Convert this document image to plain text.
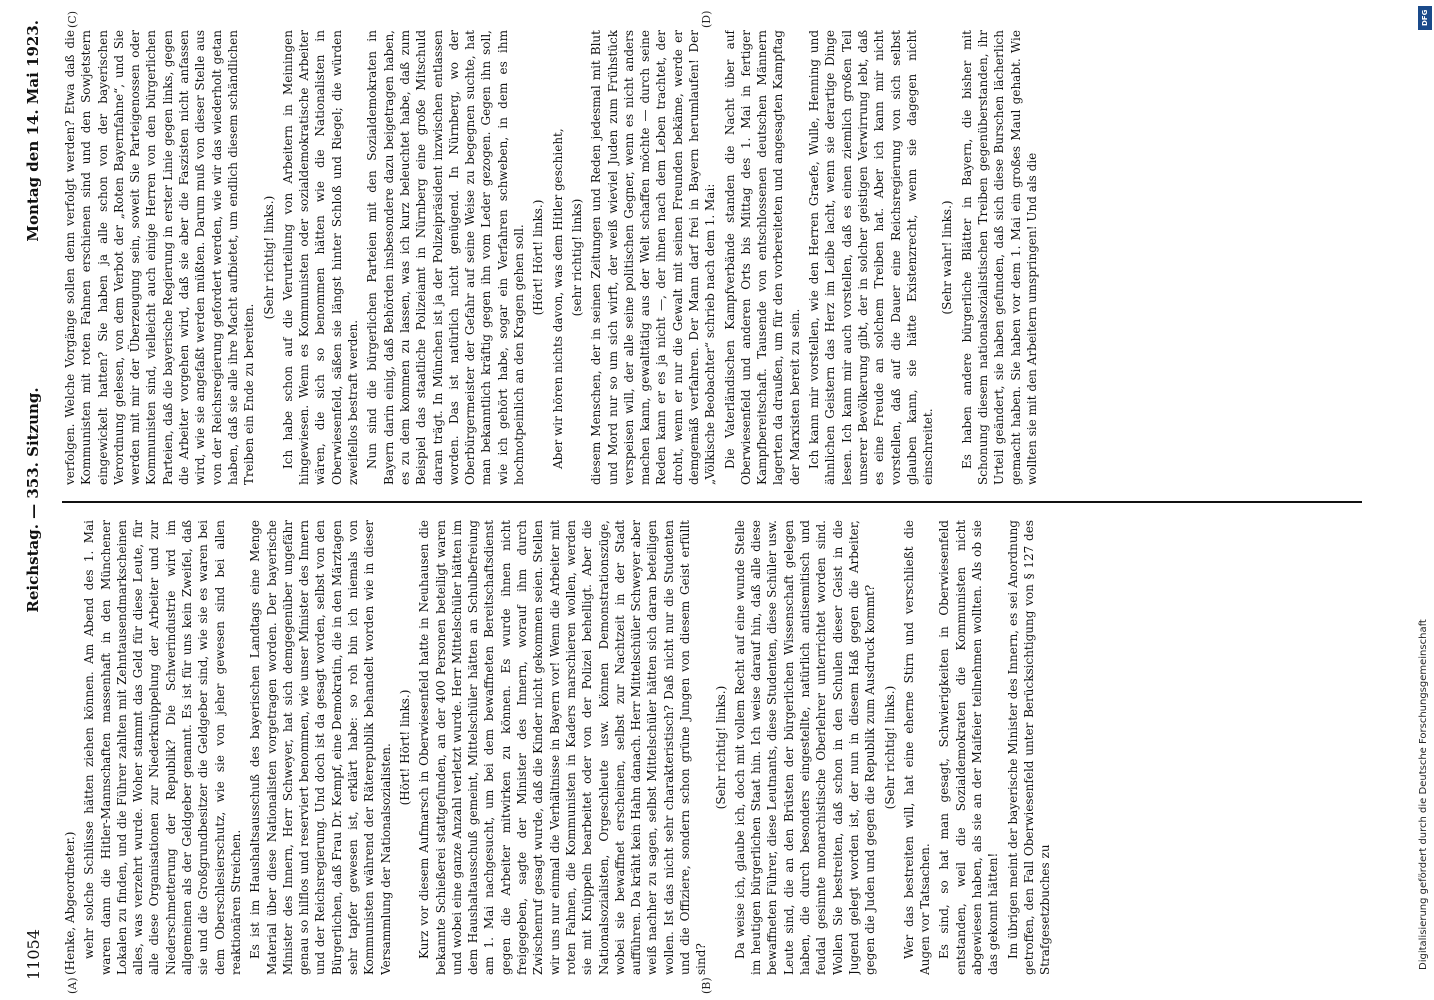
11054
Reichstag. — 353. Sitzung.
Montag den 14. Mai 1923.
(A)	(B)
(C)	(D)

(Henke, Abgeordneter.) wehr solche Schlüsse hätten ziehen können. Am Abend des 1. Mai waren dann die Hitler-Mannschaften massenhaft in den Münchener Lokalen zu finden, und die Führer zahlten mit Zehntausendmarkscheinen alles, was verzehrt wurde. Woher stammt das Geld für diese Leute, für alle diese Organisationen zur Niederknüppelung der Arbeiter und zur Niederschmetterung der Republik? Die Schwerindustrie wird im allgemeinen als der Geldgeber genannt. Es ist für uns kein Zweifel, daß sie und die Großgrundbesitzer die Geldgeber sind, wie sie es waren bei dem Oberschlesierschutz, wie sie von jeher gewesen sind bei allen reaktionären Streichen. Es ist im Haushaltsausschuß des bayerischen Landtags eine Menge Material über diese Nationalisten vorgetragen worden. Der bayerische Minister des Innern, Herr Schweyer, hat sich demgegenüber ungefähr genau so hilflos und reserviert benommen, wie unser Minister des Innern und der Reichsregierung. Und doch ist da gesagt worden, selbst von den Bürgerlichen, daß Frau Dr. Kempf, eine Demokratin, die in den Märztagen sehr tapfer gewesen ist, erklärt habe: so roh bin ich niemals von Kommunisten während der Räterepublik behandelt worden wie in dieser Versammlung der Nationalsozialisten. (Hört! Hört! links.) Kurz vor diesem Aufmarsch in Oberwiesenfeld hatte in Neuhausen die bekannte Schießerei stattgefunden, an der 400 Personen beteiligt waren und wobei eine ganze Anzahl verletzt wurde. Herr Mittelschüler hätten im dem Haushaltausschuß gemeint, Mittelschüler hätten an Schulbefreiung am 1. Mai nachgesucht, um bei dem bewaffneten Bereitschaftsdienst gegen die Arbeiter mitwirken zu können. Es wurde ihnen nicht freigegeben, sagte der Minister des Innern, worauf ihm durch Zwischenruf gesagt wurde, daß die Kinder nicht gekommen seien. Stellen wir uns nur einmal die Verhältnisse in Bayern vor! Wenn die Arbeiter mit roten Fahnen, die Kommunisten in Kaders marschieren wollen, werden sie mit Knüppeln bearbeitet oder von der Polizei behelligt. Aber die Nationalsozialisten, Orgeschleute usw. können Demonstrationszüge, wobei sie bewaffnet erscheinen, selbst zur Nachtzeit in der Stadt aufführen. Da kräht kein Hahn danach. Herr Mittelschüler Schweyer aber weiß nachher zu sagen, selbst Mittelschüler hätten sich daran beteiligen wollen. Ist das nicht sehr charakteristisch? Daß nicht nur die Studenten und die Offiziere, sondern schon grüne Jungen von diesem Geist erfüllt sind?

(Sehr richtig! links.) Da weise ich, glaube ich, doch mit vollem Recht auf eine wunde Stelle im heutigen bürgerlichen Staat hin. Ich weise darauf hin, daß alle diese bewaffneten Führer, diese Leutnants, diese Studenten, diese Schüler usw. Leute sind, die an den Brüsten der bürgerlichen Wissenschaft gelegen haben, die durch besonders eingestellte, natürlich antisemitisch und feudal gesinnte monarchistische Oberlehrer unterrichtet worden sind. Wollen Sie bestreiten, daß schon in den Schulen dieser Geist in die Jugend gelegt worden ist, der nun in diesem Haß gegen die Arbeiter, gegen die Juden und gegen die Republik zum Ausdruck kommt? (Sehr richtig! links.) Wer das bestreiten will, hat eine eherne Stirn und verschließt die Augen vor Tatsachen. Es sind, so hat man gesagt, Schwierigkeiten in Oberwiesenfeld entstanden, weil die Sozialdemokraten die Kommunisten nicht abgewiesen haben, als sie an der Maifeier teilnehmen wollten. Als ob sie das gekonnt hätten! Im übrigen meint der bayerische Minister des Innern, es sei Anordnung getroffen, den Fall Oberwiesenfeld unter Berücksichtigung von § 127 des Strafgesetzbuches zu

verfolgen. Welche Vorgänge sollen denn verfolgt werden? Etwa daß die Kommunisten mit roten Fahnen erschienen sind und den Sowjetstern eingewickelt hatten? Sie haben ja alle schon von der bayerischen Verordnung gelesen, von dem Verbot der „Roten Bayernfahne“, und Sie werden mit mir der Überzeugung sein, soweit Sie Parteigenossen oder Kommunisten sind, vielleicht auch einige Herren von den bürgerlichen Parteien, daß die bayerische Regierung in erster Linie gegen links, gegen die Arbeiter vorgehen wird, daß sie aber die Faszisten nicht anfassen wird, wie sie angefaßt werden müßten. Darum muß von dieser Stelle aus von der Reichsregierung gefordert werden, wie wir das wiederholt getan haben, daß sie alle ihre Macht aufbietet, um endlich diesem schändlichen Treiben ein Ende zu bereiten.

(Sehr richtig! links.) Ich habe schon auf die Verurteilung von Arbeitern in Meiningen hingewiesen. Wenn es Kommunisten oder sozialdemokratische Arbeiter wären, die sich so benommen hätten wie die Nationalisten in Oberwiesenfeld, säßen sie längst hinter Schloß und Riegel; die würden zweifellos bestraft werden. Nun sind die bürgerlichen Parteien mit den Sozialdemokraten in Bayern darin einig, daß Behörden insbesondere dazu beigetragen haben, es zu dem kommen zu lassen, was ich kurz beleuchtet habe, daß zum Beispiel das staatliche Polizeiamt in Nürnberg eine große Mitschuld daran trägt. In München ist ja der Polizeipräsident inzwischen entlassen worden. Das ist natürlich nicht genügend. In Nürnberg, wo der Oberbürgermeister der Gefahr auf seine Weise zu begegnen suchte, hat man bekanntlich kräftig gegen ihn vom Leder gezogen. Gegen ihn soll, wie ich gehört habe, sogar ein Verfahren schweben, in dem es ihm hochnotpeinlich an den Kragen gehen soll. (Hört! Hört! links.) Aber wir hören nichts davon, was dem Hitler geschieht, (sehr richtig! links) diesem Menschen, der in seinen Zeitungen und Reden jedesmal mit Blut und Mord nur so um sich wirft, der weiß wieviel Juden zum Frühstück verspeisen will, der alle seine politischen Gegner, wenn es nicht anders machen kann, gewalttätig aus der Welt schaffen möchte — durch seine Reden kann er es ja nicht —, der ihnen nach dem Leben trachtet, der droht, wenn er nur die Gewalt mit seinen Freunden bekäme, werde er demgemäß verfahren. Der Mann darf frei in Bayern herumlaufen! Der „Völkische Beobachter“ schrieb nach dem 1. Mai: Die Vaterländischen Kampfverbände standen die Nacht über auf Oberwiesenfeld und anderen Orts bis Mittag des 1. Mai in fertiger Kampfbereitschaft. Tausende von entschlossenen deutschen Männern lagerten da draußen, um für den vorbereiteten und angesagten Kampftag der Marxisten bereit zu sein. Ich kann mir vorstellen, wie den Herren Graefe, Wulle, Henning und ähnlichen Geistern das Herz im Leibe lacht, wenn sie derartige Dinge lesen. Ich kann mir auch vorstellen, daß es einen ziemlich großen Teil unserer Bevölkerung gibt, der in solcher geistigen Verwirrung lebt, daß es eine Freude an solchem Treiben hat. Aber ich kann mir nicht vorstellen, daß auf die Dauer eine Reichsregierung von sich selbst glauben kann, sie hätte Existenzrecht, wenn sie dagegen nicht einschreitet.

(Sehr wahr! links.) Es haben andere bürgerliche Blätter in Bayern, die bisher mit Schonung diesem nationalsozialistischen Treiben gegenüberstanden, ihr Urteil geändert, sie haben gefunden, daß sich diese Burschen lächerlich gemacht haben. Sie haben vor dem 1. Mai ein großes Maul gehabt. Wie wollten sie mit den Arbeitern umspringen! Und als die

DFG
Digitalisierung gefördert durch die Deutsche Forschungsgemeinschaft
